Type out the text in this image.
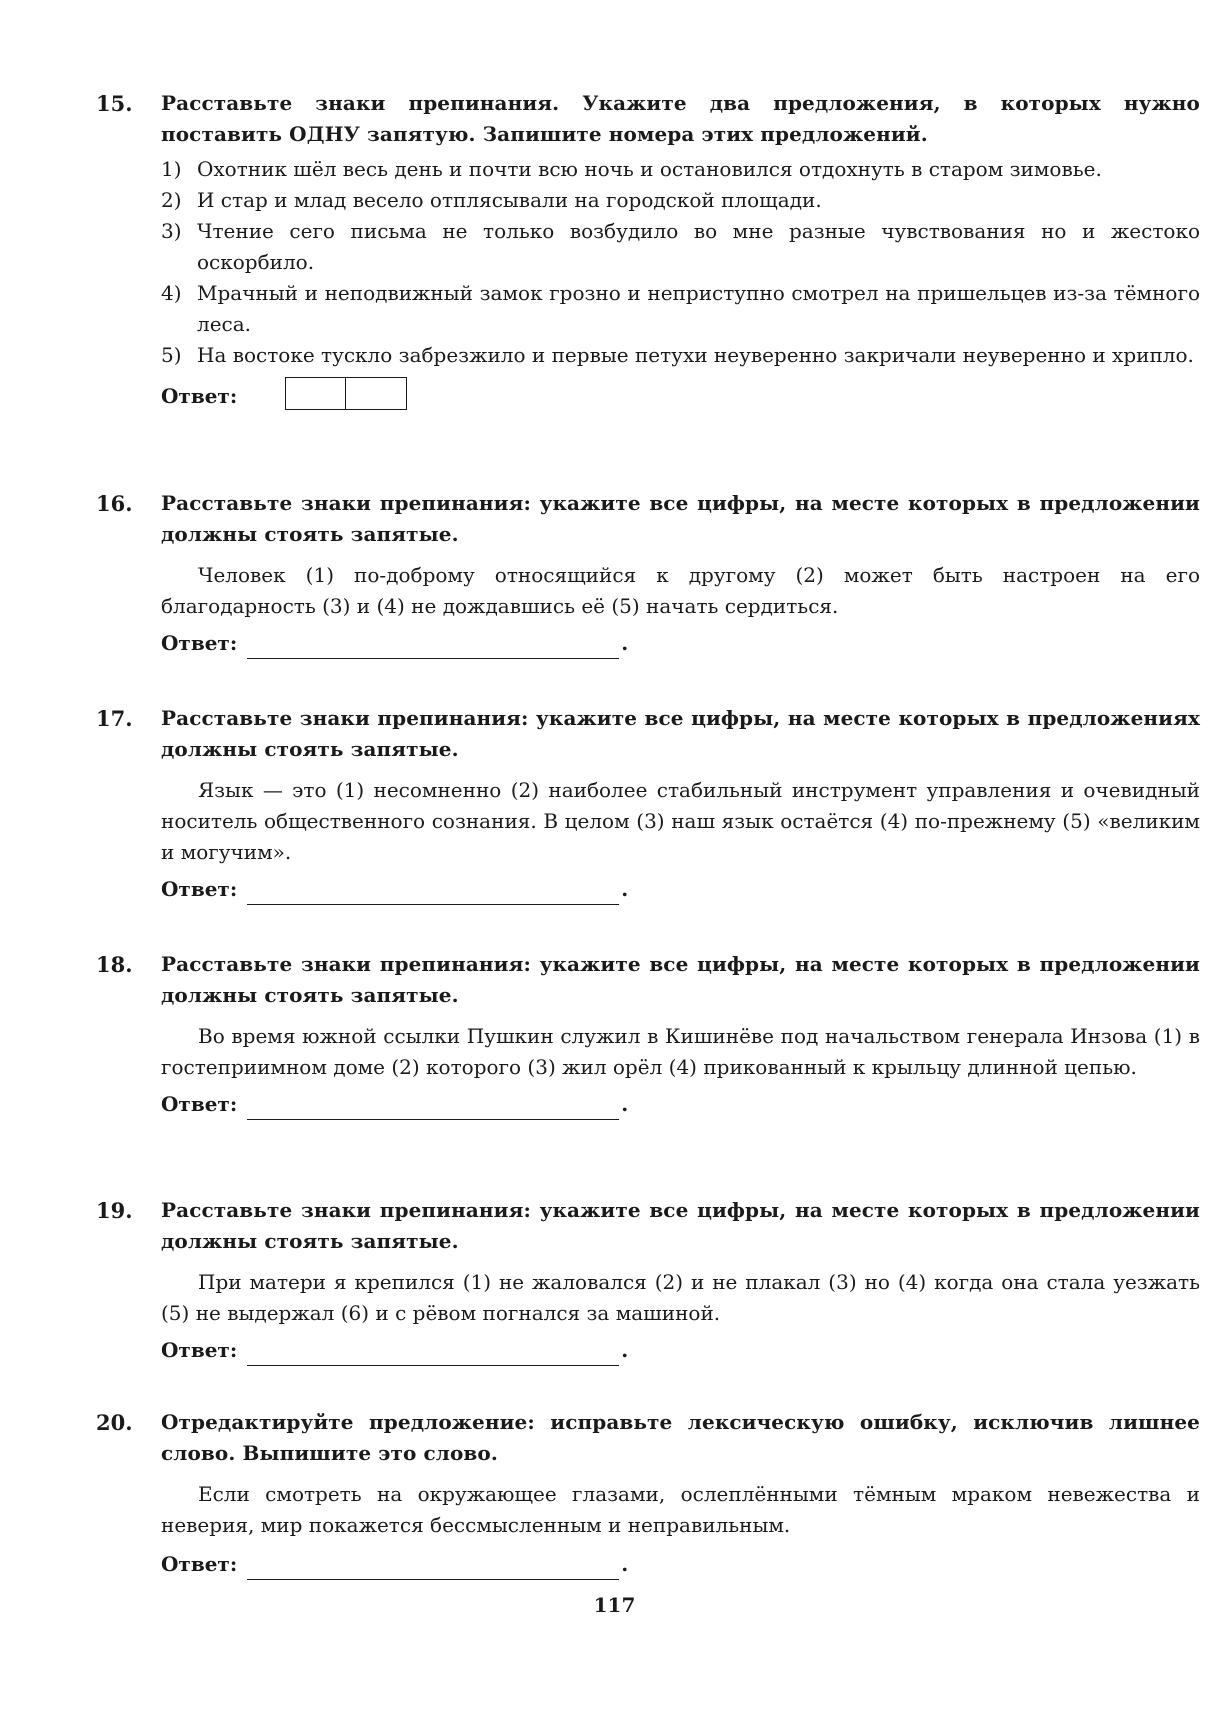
15. Расставьте знаки препинания. Укажите два предложения, в которых нужно поставить ОДНУ запятую. Запишите номера этих предложений.

1) Охотник шёл весь день и почти всю ночь и остановился отдохнуть в старом зимовье.
2) И стар и млад весело отплясывали на городской площади.
3) Чтение сего письма не только возбудило во мне разные чувствования но и жестоко оскорбило.
4) Мрачный и неподвижный замок грозно и неприступно смотрел на пришельцев из-за тёмного леса.
5) На востоке тускло забрезжило и первые петухи неуверенно закричали неуверенно и хрипло.
Ответ:
16. Расставьте знаки препинания: укажите все цифры, на месте которых в предложении должны стоять запятые.

Человек (1) по-доброму относящийся к другому (2) может быть настроен на его благодарность (3) и (4) не дождавшись её (5) начать сердиться.

Ответ:	.
17. Расставьте знаки препинания: укажите все цифры, на месте которых в предложениях должны стоять запятые.

Язык — это (1) несомненно (2) наиболее стабильный инструмент управления и очевидный носитель общественного сознания. В целом (3) наш язык остаётся (4) по-прежнему (5) «великим и могучим».

Ответ:	.
18. Расставьте знаки препинания: укажите все цифры, на месте которых в предложении должны стоять запятые.

Во время южной ссылки Пушкин служил в Кишинёве под начальством генерала Инзова (1) в гостеприимном доме (2) которого (3) жил орёл (4) прикованный к крыльцу длинной цепью.

Ответ:	.
19. Расставьте знаки препинания: укажите все цифры, на месте которых в предложении должны стоять запятые.

При матери я крепился (1) не жаловался (2) и не плакал (3) но (4) когда она стала уезжать (5) не выдержал (6) и с рёвом погнался за машиной.

Ответ:	.
20. Отредактируйте предложение: исправьте лексическую ошибку, исключив лишнее слово. Выпишите это слово.

Если смотреть на окружающее глазами, ослеплёнными тёмным мраком невежества и неверия, мир покажется бессмысленным и неправильным.

Ответ:	.
117
